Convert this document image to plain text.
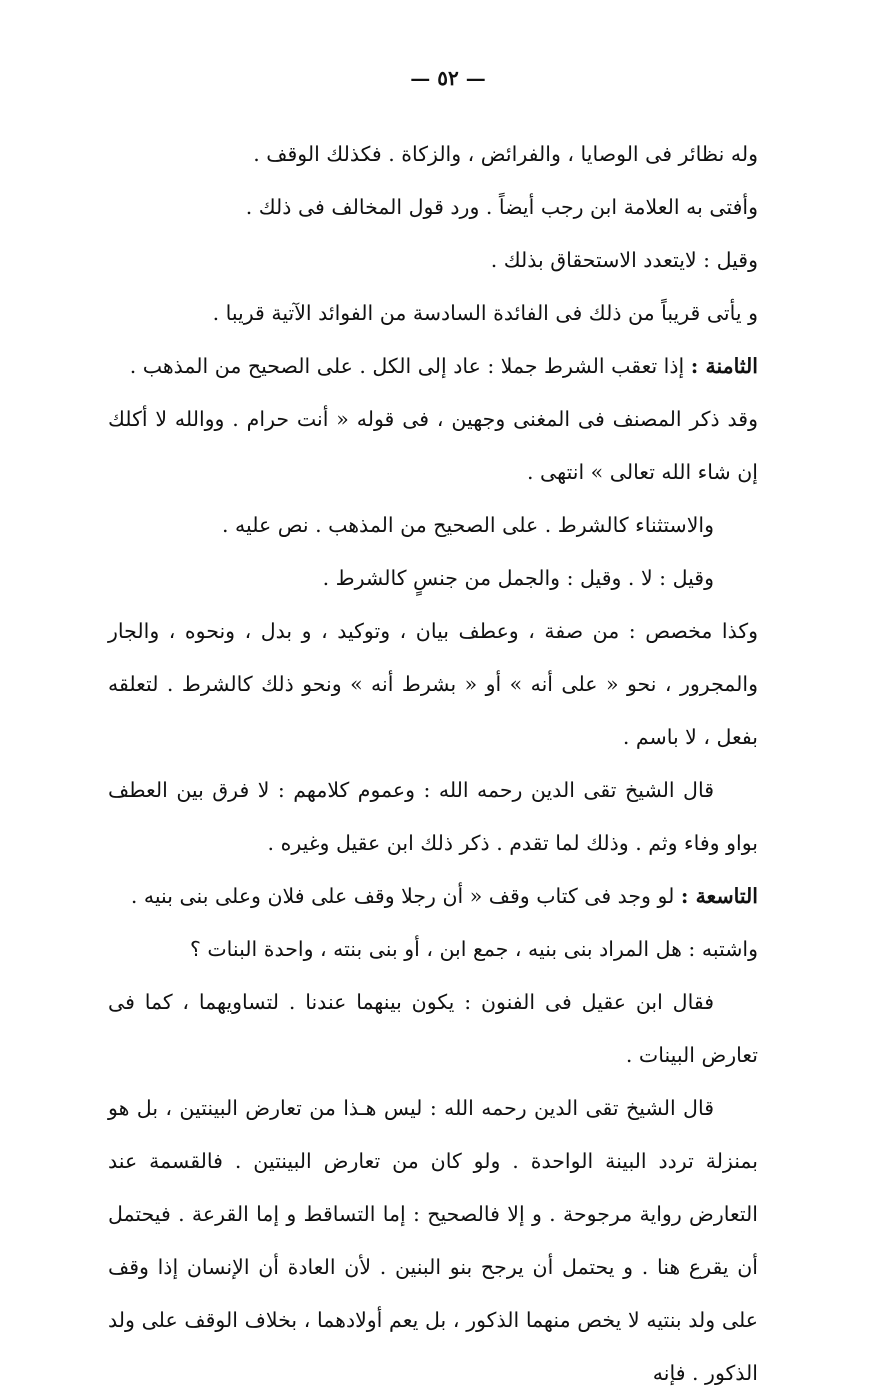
— ٥٢ —

وله نظائر فى الوصايا ، والفرائض ، والزكاة . فكذلك الوقف .

وأفتى به العلامة ابن رجب أيضاً . ورد قول المخالف فى ذلك .

وقيل : لايتعدد الاستحقاق بذلك .

و يأتى قريباً من ذلك فى الفائدة السادسة من الفوائد الآتية قريبا .

الثامنة : إذا تعقب الشرط جملا : عاد إلى الكل . على الصحيح من المذهب .

وقد ذكر المصنف فى المغنى وجهين ، فى قوله « أنت حرام . ووالله لا أكلك إن شاء الله تعالى » انتهى .

والاستثناء كالشرط . على الصحيح من المذهب . نص عليه .

وقيل : لا . وقيل : والجمل من جنسٍ كالشرط .

وكذا مخصص : من صفة ، وعطف بيان ، وتوكيد ، و بدل ، ونحوه ، والجار والمجرور ، نحو « على أنه » أو « بشرط أنه » ونحو ذلك كالشرط . لتعلقه بفعل ، لا باسم .

قال الشيخ تقى الدين رحمه الله : وعموم كلامهم : لا فرق بين العطف بواو وفاء وثم . وذلك لما تقدم . ذكر ذلك ابن عقيل وغيره .

التاسعة : لو وجد فى كتاب وقف « أن رجلا وقف على فلان وعلى بنى بنيه .

واشتبه : هل المراد بنى بنيه ، جمع ابن ، أو بنى بنته ، واحدة البنات ؟

فقال ابن عقيل فى الفنون : يكون بينهما عندنا . لتساويهما ، كما فى تعارض البينات .

قال الشيخ تقى الدين رحمه الله : ليس هـذا من تعارض البينتين ، بل هو بمنزلة تردد البينة الواحدة . ولو كان من تعارض البينتين . فالقسمة عند التعارض رواية مرجوحة . و إلا فالصحيح : إما التساقط و إما القرعة . فيحتمل أن يقرع هنا . و يحتمل أن يرجح بنو البنين . لأن العادة أن الإنسان إذا وقف على ولد بنتيه لا يخص منهما الذكور ، بل يعم أولادهما ، بخلاف الوقف على ولد الذكور . فإنه
